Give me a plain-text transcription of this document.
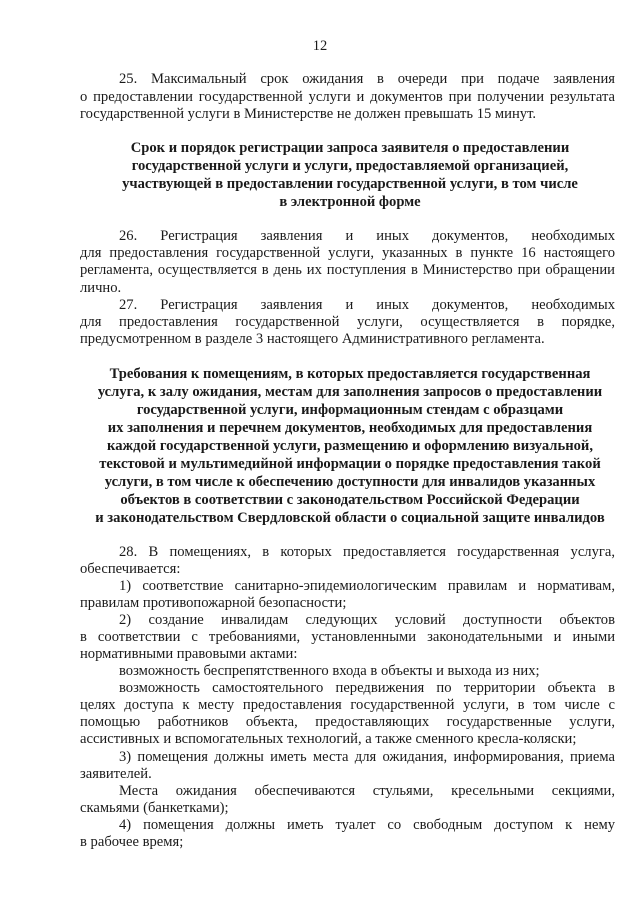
12

25. Максимальный срок ожидания в очереди при подаче заявления

о предоставлении государственной услуги и документов при получении результата

государственной услуги в Министерстве не должен превышать 15 минут.

Срок и порядок регистрации запроса заявителя о предоставлении

государственной услуги и услуги, предоставляемой организацией,

участвующей в предоставлении государственной услуги, в том числе

в электронной форме

26. Регистрация заявления и иных документов, необходимых

для предоставления государственной услуги, указанных в пункте 16 настоящего

регламента, осуществляется в день их поступления в Министерство при обращении

лично.

27. Регистрация заявления и иных документов, необходимых

для предоставления государственной услуги, осуществляется в порядке,

предусмотренном в разделе 3 настоящего Административного регламента.

Требования к помещениям, в которых предоставляется государственная

услуга, к залу ожидания, местам для заполнения запросов о предоставлении

государственной услуги, информационным стендам с образцами

их заполнения и перечнем документов, необходимых для предоставления

каждой государственной услуги, размещению и оформлению визуальной,

текстовой и мультимедийной информации о порядке предоставления такой

услуги, в том числе к обеспечению доступности для инвалидов указанных

объектов в соответствии с законодательством Российской Федерации

и законодательством Свердловской области о социальной защите инвалидов

28. В помещениях, в которых предоставляется государственная услуга,

обеспечивается:

1) соответствие санитарно-эпидемиологическим правилам и нормативам,

правилам противопожарной безопасности;

2) создание инвалидам следующих условий доступности объектов

в соответствии с требованиями, установленными законодательными и иными

нормативными правовыми актами:

возможность беспрепятственного входа в объекты и выхода из них;

возможность самостоятельного передвижения по территории объекта в

целях доступа к месту предоставления государственной услуги, в том числе с

помощью работников объекта, предоставляющих государственные услуги,

ассистивных и вспомогательных технологий, а также сменного кресла-коляски;

3) помещения должны иметь места для ожидания, информирования, приема

заявителей.

Места ожидания обеспечиваются стульями, кресельными секциями,

скамьями (банкетками);

4) помещения должны иметь туалет со свободным доступом к нему

в рабочее время;
